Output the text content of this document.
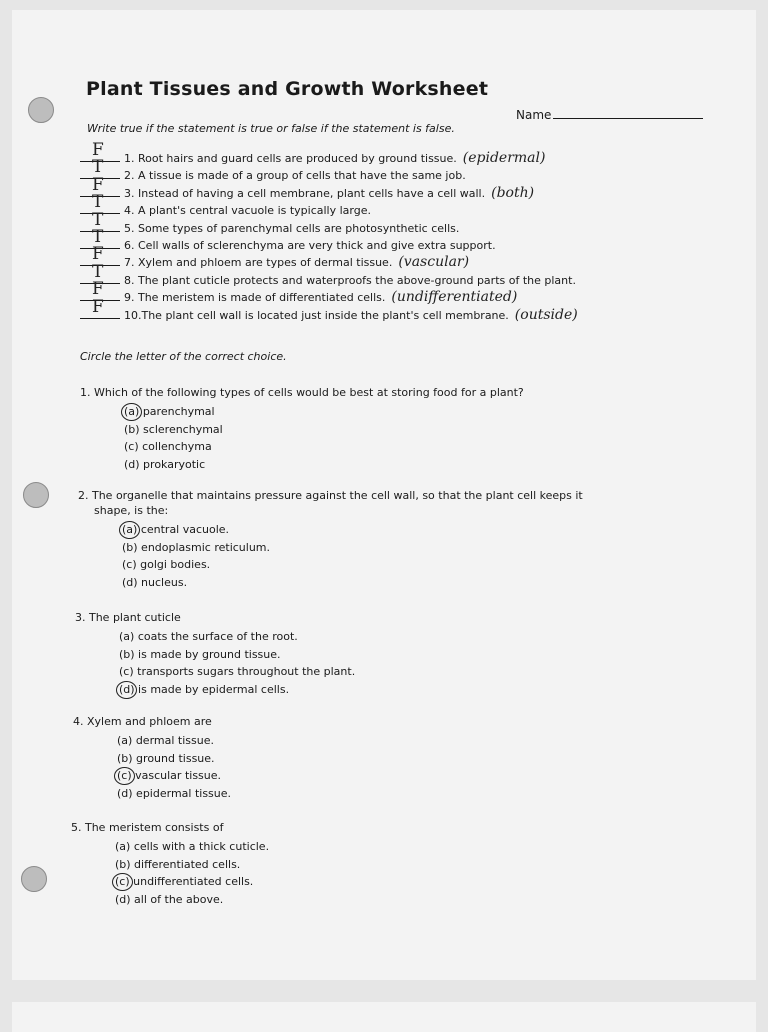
Plant Tissues and Growth Worksheet
Name

Write true if the statement is true or false if the statement is false.

F 1. Root hairs and guard cells are produced by ground tissue. (epidermal)
T 2. A tissue is made of a group of cells that have the same job.
F 3. Instead of having a cell membrane, plant cells have a cell wall. (both)
T 4. A plant's central vacuole is typically large.
T 5. Some types of parenchymal cells are photosynthetic cells.
T 6. Cell walls of sclerenchyma are very thick and give extra support.
F 7. Xylem and phloem are types of dermal tissue. (vascular)
T 8. The plant cuticle protects and waterproofs the above-ground parts of the plant.
F 9. The meristem is made of differentiated cells. (undifferentiated)
F 10.The plant cell wall is located just inside the plant's cell membrane. (outside)

Circle the letter of the correct choice.

1. Which of the following types of cells would be best at storing food for a plant?

(a) parenchymal
(b) sclerenchymal
(c) collenchyma
(d) prokaryotic

2. The organelle that maintains pressure against the cell wall, so that the plant cell keeps it
shape, is the:

(a) central vacuole.
(b) endoplasmic reticulum.
(c) golgi bodies.
(d) nucleus.

3. The plant cuticle

(a) coats the surface of the root.
(b) is made by ground tissue.
(c) transports sugars throughout the plant.
(d) is made by epidermal cells.

4. Xylem and phloem are

(a) dermal tissue.
(b) ground tissue.
(c) vascular tissue.
(d) epidermal tissue.

5. The meristem consists of

(a) cells with a thick cuticle.
(b) differentiated cells.
(c) undifferentiated cells.
(d) all of the above.
